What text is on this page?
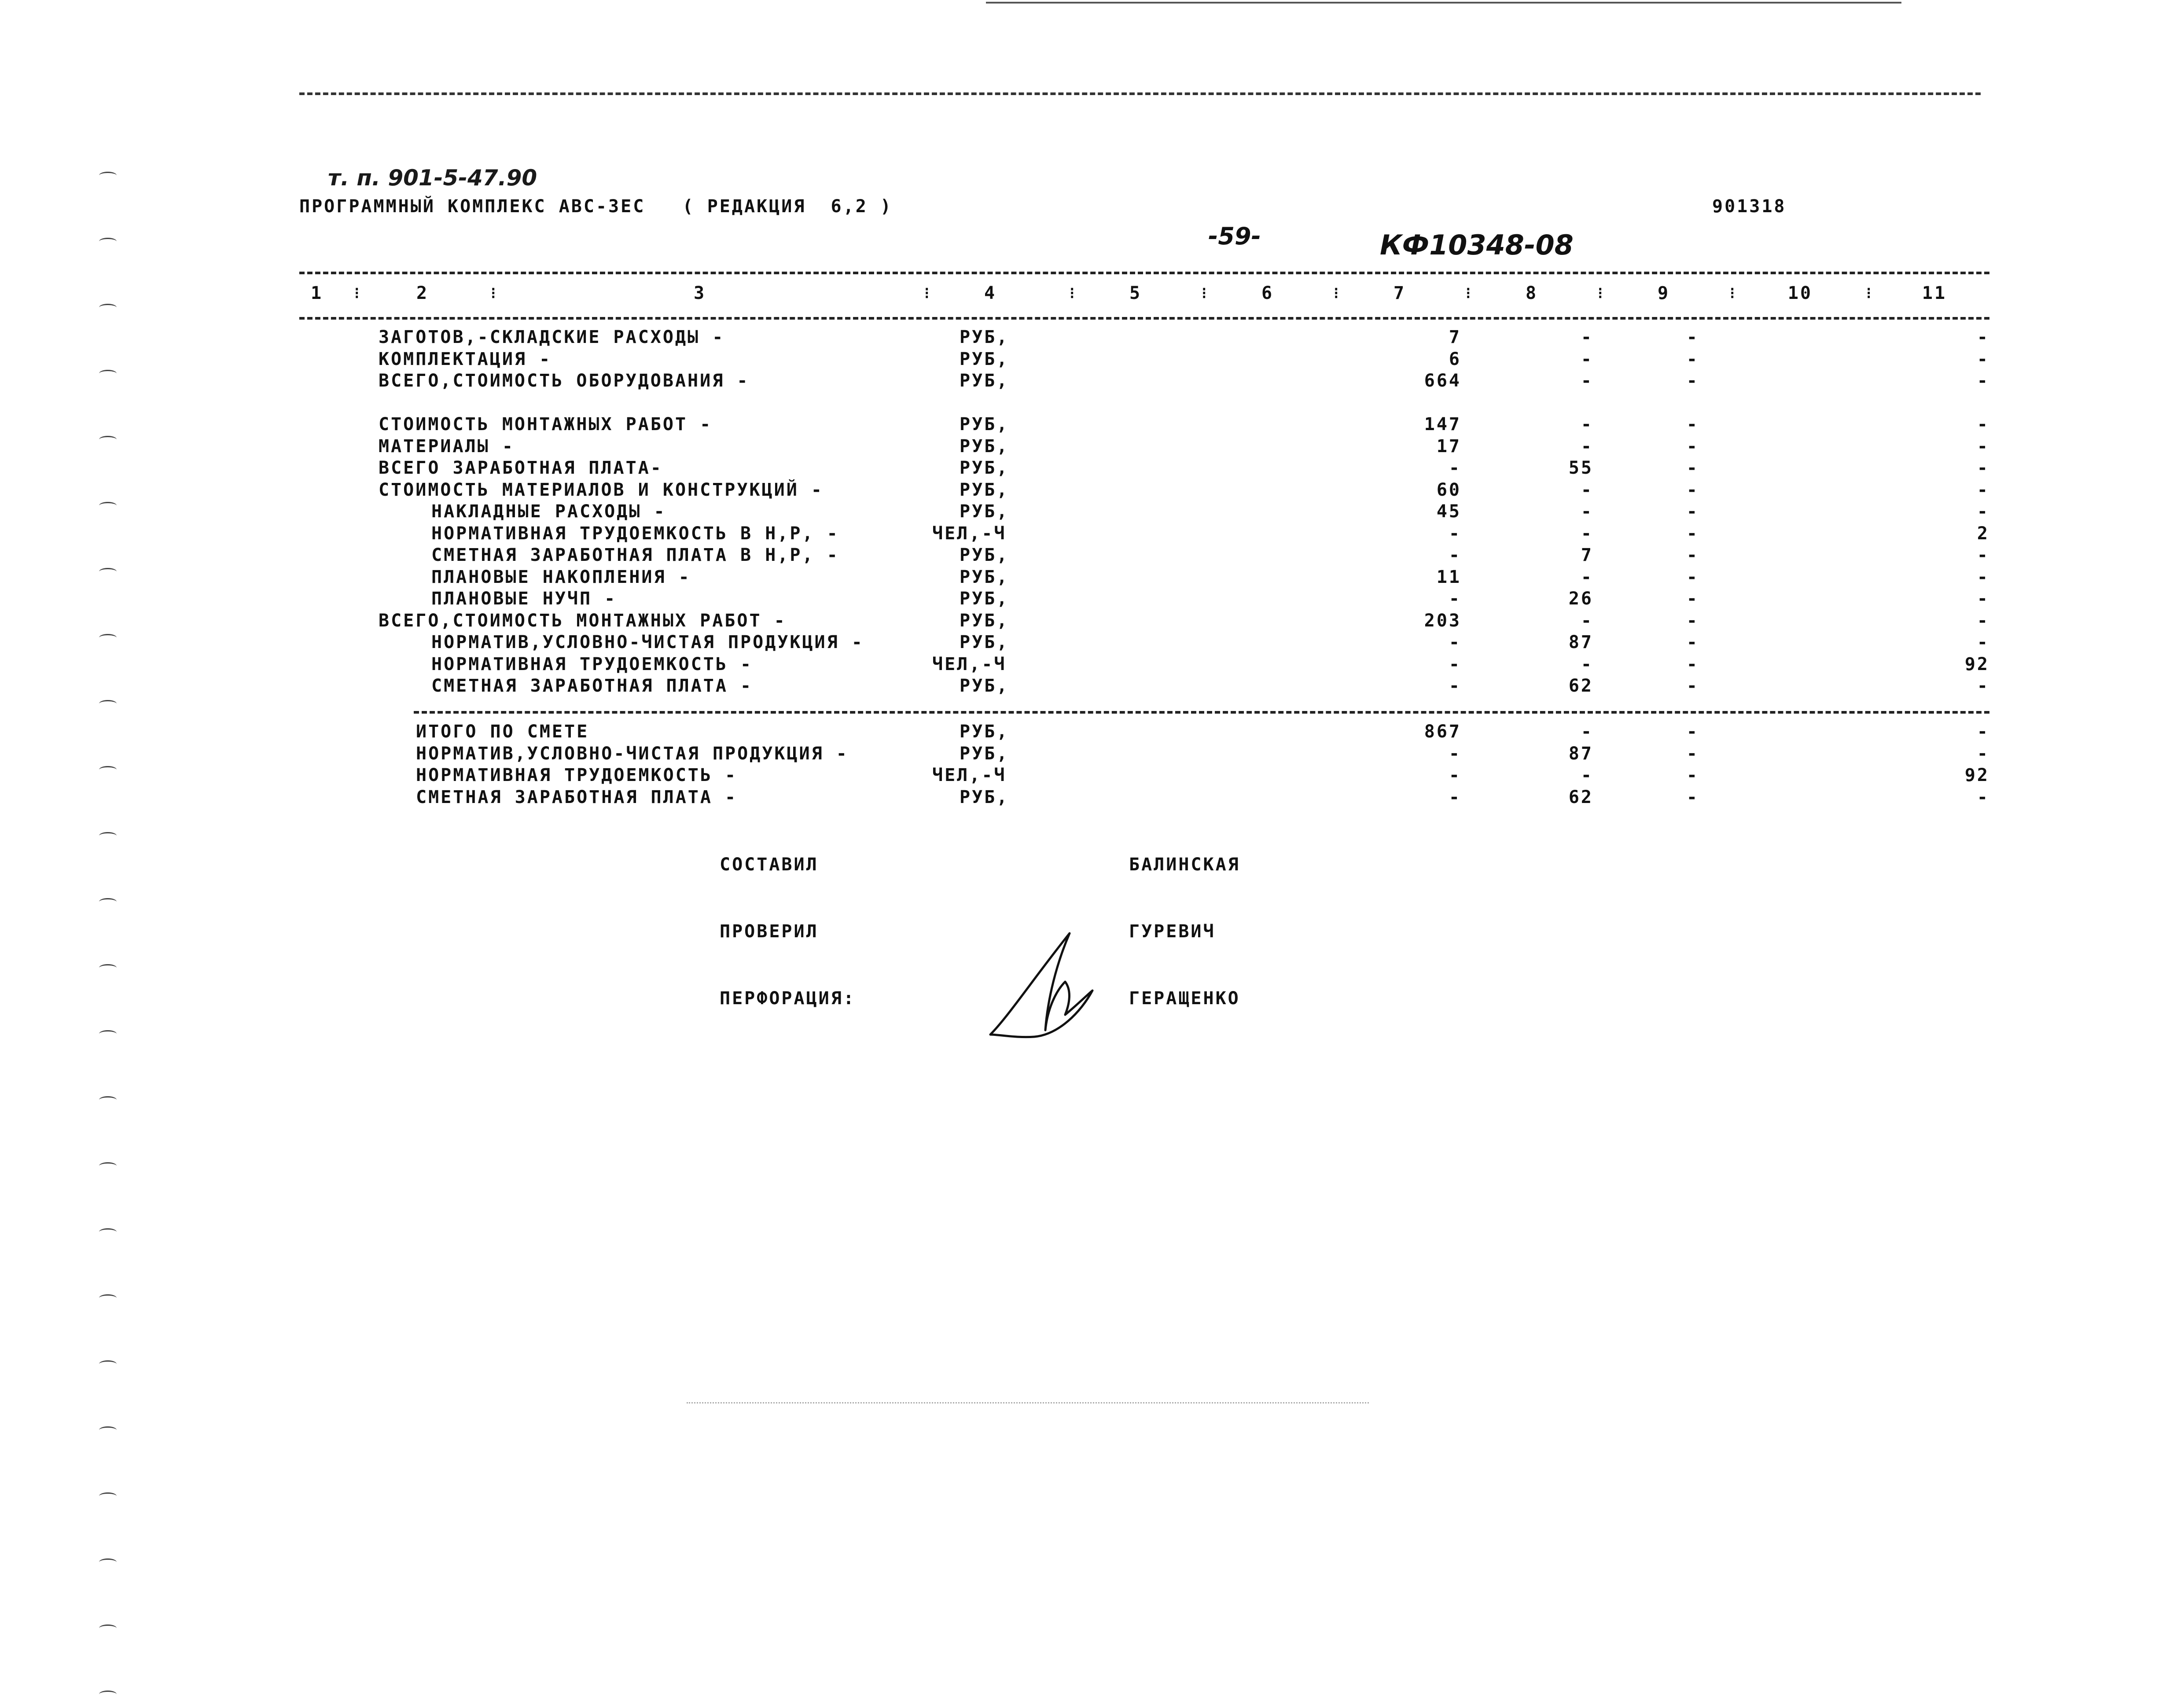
т. п. 901-5-47.90
ПРОГРАММНЫЙ КОМПЛЕКС АВС-3ЕС   ( РЕДАКЦИЯ  6,2 )	901318
-59-	КФ10348-08
1	2	3	4	5	6	7	8	9	10	11
⁝	⁝	⁝	⁝	⁝	⁝	⁝	⁝	⁝	⁝
ЗАГОТОВ,-СКЛАДСКИЕ РАСХОДЫ -	РУБ,	7	-	-	-
КОМПЛЕКТАЦИЯ -	РУБ,	6	-	-	-
ВСЕГО,СТОИМОСТЬ ОБОРУДОВАНИЯ -	РУБ,	664	-	-	-
СТОИМОСТЬ МОНТАЖНЫХ РАБОТ -	РУБ,	147	-	-	-
МАТЕРИАЛЫ -	РУБ,	17	-	-	-
ВСЕГО ЗАРАБОТНАЯ ПЛАТА-	РУБ,	-	55	-	-
СТОИМОСТЬ МАТЕРИАЛОВ И КОНСТРУКЦИЙ -	РУБ,	60	-	-	-
НАКЛАДНЫЕ РАСХОДЫ -	РУБ,	45	-	-	-
НОРМАТИВНАЯ ТРУДОЕМКОСТЬ В Н,Р, -	ЧЕЛ,-Ч	-	-	-	2
СМЕТНАЯ ЗАРАБОТНАЯ ПЛАТА В Н,Р, -	РУБ,	-	7	-	-
ПЛАНОВЫЕ НАКОПЛЕНИЯ -	РУБ,	11	-	-	-
ПЛАНОВЫЕ НУЧП -	РУБ,	-	26	-	-
ВСЕГО,СТОИМОСТЬ МОНТАЖНЫХ РАБОТ -	РУБ,	203	-	-	-
НОРМАТИВ,УСЛОВНО-ЧИСТАЯ ПРОДУКЦИЯ -	РУБ,	-	87	-	-
НОРМАТИВНАЯ ТРУДОЕМКОСТЬ -	ЧЕЛ,-Ч	-	-	-	92
СМЕТНАЯ ЗАРАБОТНАЯ ПЛАТА -	РУБ,	-	62	-	-
ИТОГО ПО СМЕТЕ	РУБ,	867	-	-	-
НОРМАТИВ,УСЛОВНО-ЧИСТАЯ ПРОДУКЦИЯ -	РУБ,	-	87	-	-
НОРМАТИВНАЯ ТРУДОЕМКОСТЬ -	ЧЕЛ,-Ч	-	-	-	92
СМЕТНАЯ ЗАРАБОТНАЯ ПЛАТА -	РУБ,	-	62	-	-
СОСТАВИЛ	БАЛИНСКАЯ
ПРОВЕРИЛ	ГУРЕВИЧ
ПЕРФОРАЦИЯ:	ГЕРАЩЕНКО
